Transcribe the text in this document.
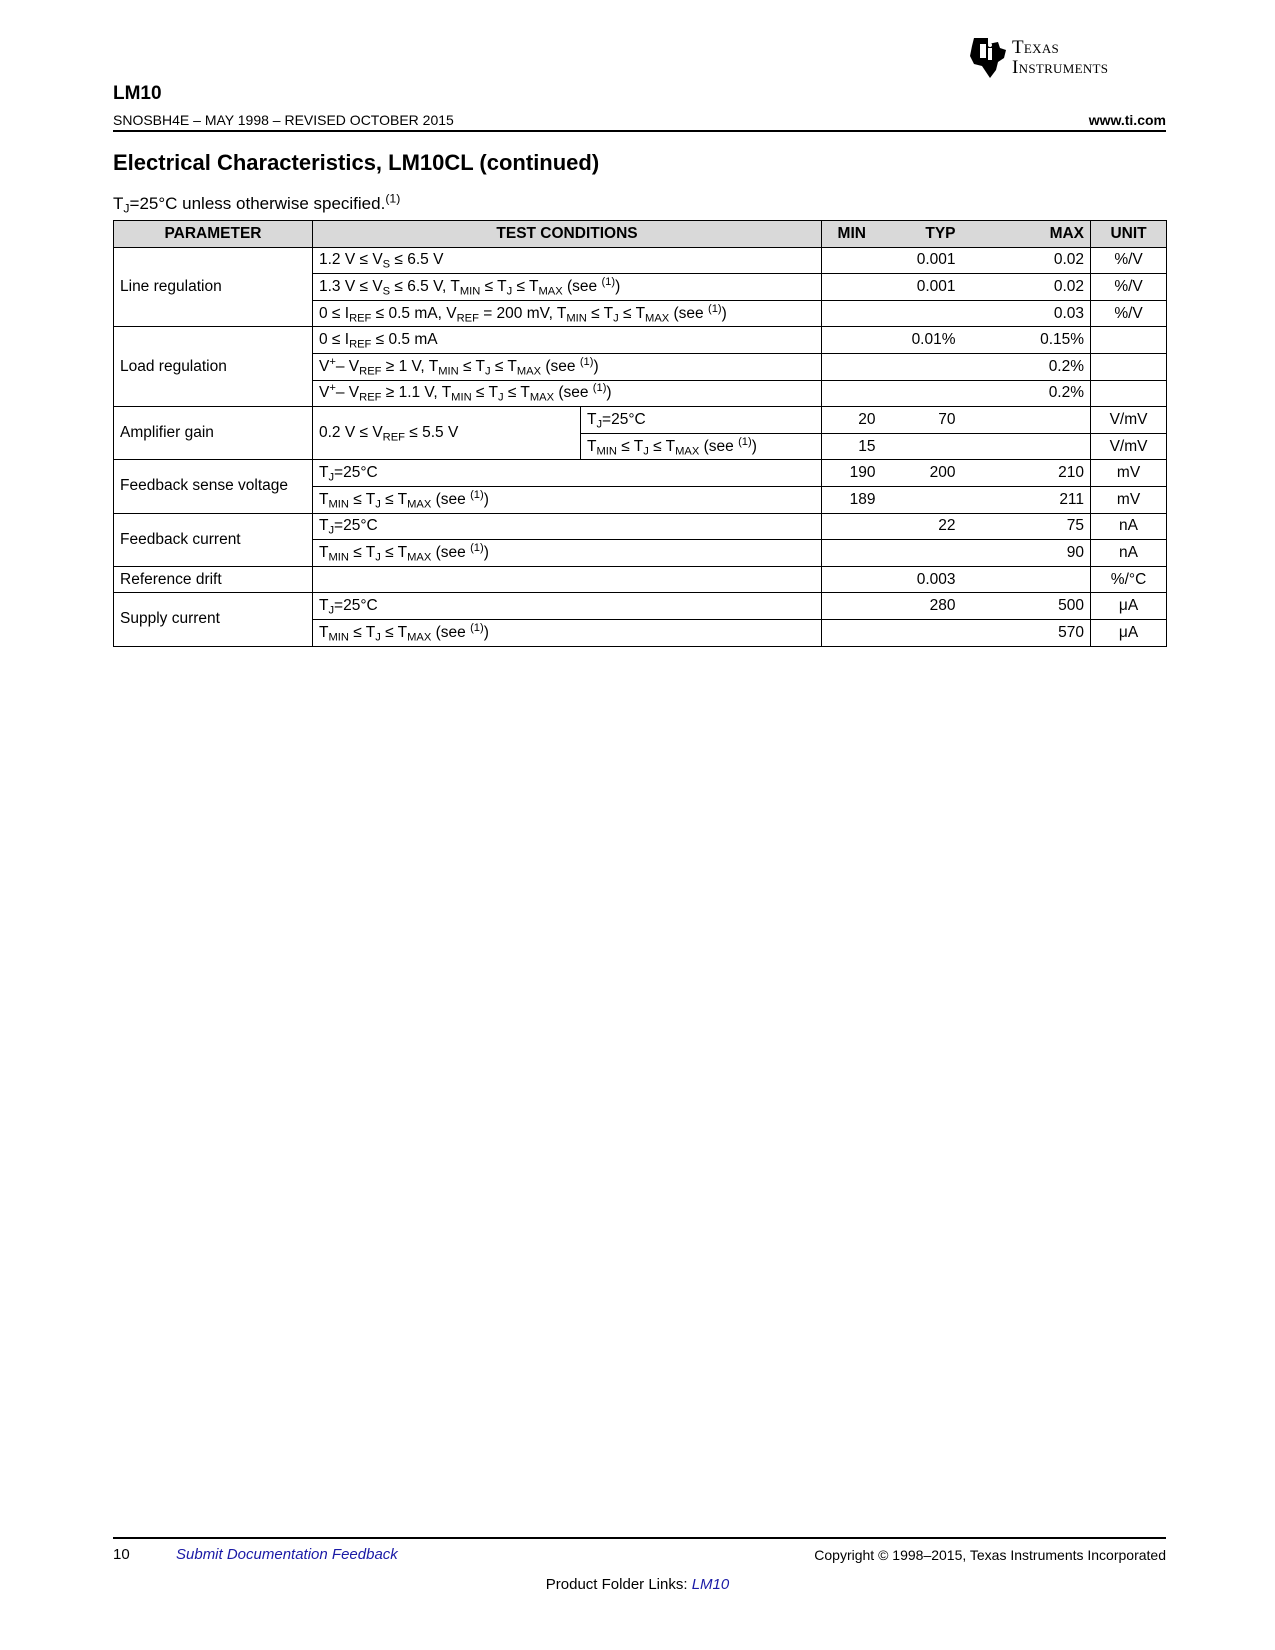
Texas
Instruments
LM10
SNOSBH4E – MAY 1998 – REVISED OCTOBER 2015	www.ti.com
Electrical Characteristics, LM10CL (continued)
$T_J=25^\circ C$ unless otherwise specified.$^{(1)}$
PARAMETER	TEST CONDITIONS		MIN	TYP	MAX	UNIT
Line regulation	1.2 $V \le V_S \le 6.5$ V			0.001	0.02	%/V
	1.3 $V \le V_S \le 6.5$ V, $T_{MIN} \le T_J \le T_{MAX}$ (see $^{(1)}$)			0.001	0.02	%/V
	$0 \le I_{REF} \le 0.5$ mA, $V_{REF} = 200$ mV, $T_{MIN} \le T_J \le T_{MAX}$ (see $^{(1)}$)				0.03	%/V
Load regulation	$0 \le I_{REF} \le 0.5$ mA			0.01%	0.15%	
	V+– $V_{REF} \ge 1$ V, $T_{MIN} \le T_J \le T_{MAX}$ (see $^{(1)}$)				0.2%	
	V+– $V_{REF} \ge 1.1$ V, $T_{MIN} \le T_J \le T_{MAX}$ (see $^{(1)}$)				0.2%	
Amplifier gain	0.2 $V \le V_{REF} \le 5.5$ V	$T_J=25^\circ C$	20	70		V/mV
		$T_{MIN} \le T_J \le T_{MAX}$ (see $^{(1)}$)	15			V/mV
Feedback sense voltage	$T_J=25^\circ C$		190	200	210	mV
	$T_{MIN} \le T_J \le T_{MAX}$ (see $^{(1)}$)		189		211	mV
Feedback current	$T_J=25^\circ C$			22	75	nA
	$T_{MIN} \le T_J \le T_{MAX}$ (see $^{(1)}$)				90	nA
Reference drift				0.003		%/°C
Supply current	$T_J=25^\circ C$			280	500	μA
	$T_{MIN} \le T_J \le T_{MAX}$ (see $^{(1)}$)				570	μA
10	Submit Documentation Feedback	Copyright © 1998–2015, Texas Instruments Incorporated
Product Folder Links: LM10
